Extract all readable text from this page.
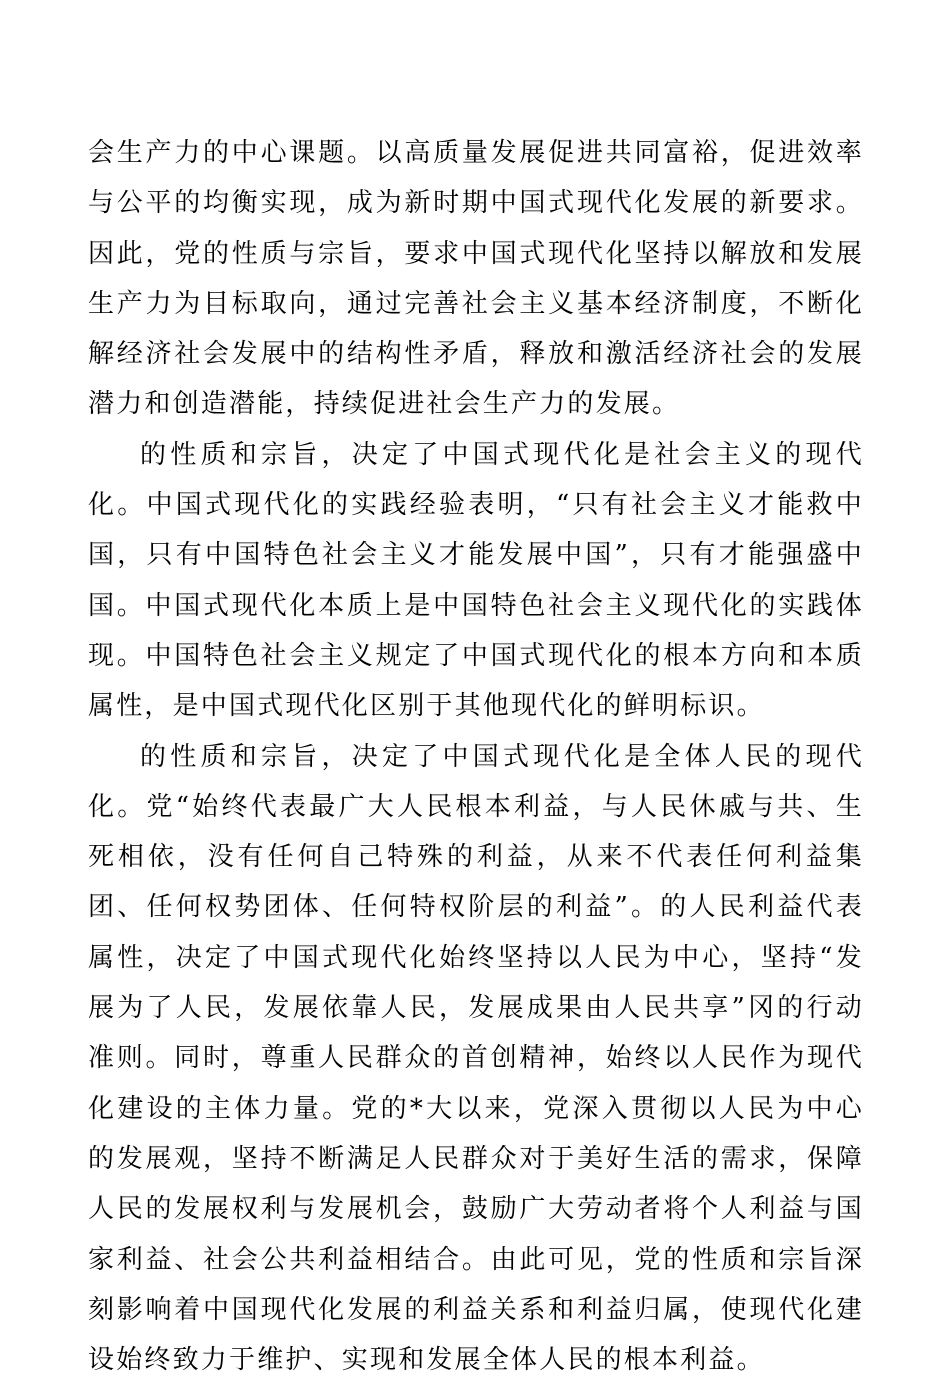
会生产力的中心课题。以高质量发展促进共同富裕，促进效率与公平的均衡实现，成为新时期中国式现代化发展的新要求。因此，党的性质与宗旨，要求中国式现代化坚持以解放和发展生产力为目标取向，通过完善社会主义基本经济制度，不断化解经济社会发展中的结构性矛盾，释放和激活经济社会的发展潜力和创造潜能，持续促进社会生产力的发展。

的性质和宗旨，决定了中国式现代化是社会主义的现代化。中国式现代化的实践经验表明，“只有社会主义才能救中国，只有中国特色社会主义才能发展中国”，只有才能强盛中国。中国式现代化本质上是中国特色社会主义现代化的实践体现。中国特色社会主义规定了中国式现代化的根本方向和本质属性，是中国式现代化区别于其他现代化的鲜明标识。

的性质和宗旨，决定了中国式现代化是全体人民的现代化。党“始终代表最广大人民根本利益，与人民休戚与共、生死相依，没有任何自己特殊的利益，从来不代表任何利益集团、任何权势团体、任何特权阶层的利益”。的人民利益代表属性，决定了中国式现代化始终坚持以人民为中心，坚持“发展为了人民，发展依靠人民，发展成果由人民共享”冈的行动准则。同时，尊重人民群众的首创精神，始终以人民作为现代化建设的主体力量。党的*大以来，党深入贯彻以人民为中心的发展观，坚持不断满足人民群众对于美好生活的需求，保障人民的发展权利与发展机会，鼓励广大劳动者将个人利益与国家利益、社会公共利益相结合。由此可见，党的性质和宗旨深刻影响着中国现代化发展的利益关系和利益归属，使现代化建设始终致力于维护、实现和发展全体人民的根本利益。
